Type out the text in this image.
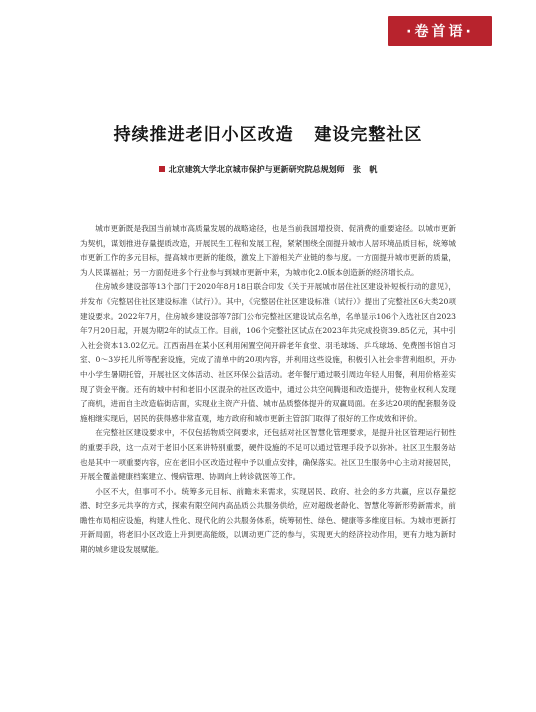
·卷首语·
持续推进老旧小区改造   建设完整社区
北京建筑大学北京城市保护与更新研究院总规划师   张   帆

城市更新既是我国当前城市高质量发展的战略途径，也是当前我国增投资、促消费的重要途径。以城市更新为契机，谋划推进存量提质改造，开展民生工程和发展工程，紧紧围绕全面提升城市人居环境品质目标，统筹城市更新工作的多元目标，提高城市更新的能级，激发上下游相关产业链的参与度。一方面提升城市更新的质量，为人民谋福祉；另一方面促进多个行业参与到城市更新中来，为城市化2.0版本创造新的经济增长点。

住房城乡建设部等13个部门于2020年8月18日联合印发《关于开展城市居住社区建设补短板行动的意见》，并发布《完整居住社区建设标准（试行）》。其中，《完整居住社区建设标准（试行）》提出了完整社区6大类20项建设要求。2022年7月，住房城乡建设部等7部门公布完整社区建设试点名单，名单显示106个入选社区自2023年7月20日起，开展为期2年的试点工作。目前，106个完整社区试点在2023年共完成投资39.85亿元，其中引入社会资本13.02亿元。江西南昌在某小区利用闲置空间开辟老年食堂、羽毛球场、乒乓球场、免费图书馆自习室、0～3岁托儿所等配套设施，完成了清单中的20项内容，并利用这些设施，积极引入社会非营利组织，开办中小学生暑期托管，开展社区文体活动、社区环保公益活动。老年餐厅通过吸引周边年轻人用餐，利用价格差实现了资金平衡。还有的城中村和老旧小区混杂的社区改造中，通过公共空间腾退和改造提升，使物业权利人发现了商机，进而自主改造临街店面，实现业主资产升值、城市品质整体提升的双赢局面。在多达20项的配套服务设施相继实现后，居民的获得感非常直观，地方政府和城市更新主管部门取得了很好的工作成效和评价。

在完整社区建设要求中，不仅包括物质空间要求，还包括对社区智慧化管理要求，是提升社区管理运行韧性的重要手段，这一点对于老旧小区来讲特别重要，硬件设施的不足可以通过管理手段予以弥补。社区卫生服务站也是其中一项重要内容，应在老旧小区改造过程中予以重点安排，确保落实。社区卫生服务中心主动对接居民，开展全覆盖健康档案建立、慢病管理、协调向上转诊就医等工作。

小区不大，但事可不小。统筹多元目标、前瞻未来需求，实现居民、政府、社会的多方共赢，应以存量挖潜、时空多元共享的方式，探索有限空间内高品质公共服务供给，应对超级老龄化、智慧化等新形势新需求，前瞻性布局相应设施，构建人性化、现代化的公共服务体系，统筹韧性、绿色、健康等多维度目标。为城市更新打开新局面，将老旧小区改造上升到更高能级，以调动更广泛的参与，实现更大的经济拉动作用，更有力地为新时期的城乡建设发展赋能。
